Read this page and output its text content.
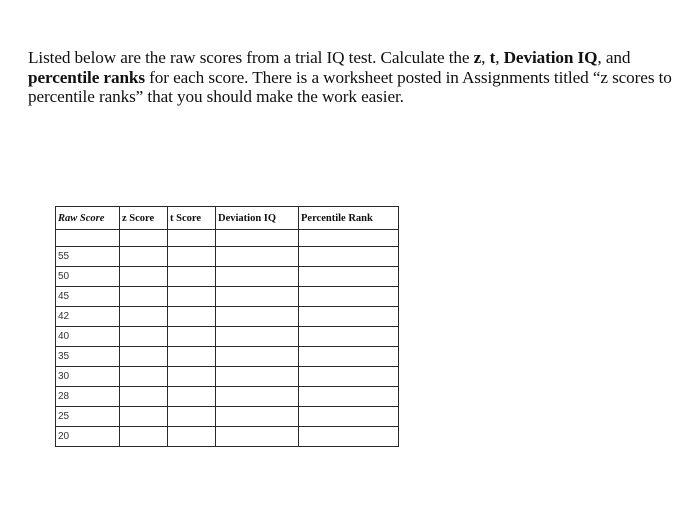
Listed below are the raw scores from a trial IQ test. Calculate the z, t, Deviation IQ, and percentile ranks for each score. There is a worksheet posted in Assignments titled “z scores to percentile ranks” that you should make the work easier.
Raw Score	z Score	t Score	Deviation IQ	Percentile Rank

55				
50				
45				
42				
40				
35				
30				
28				
25				
20				
